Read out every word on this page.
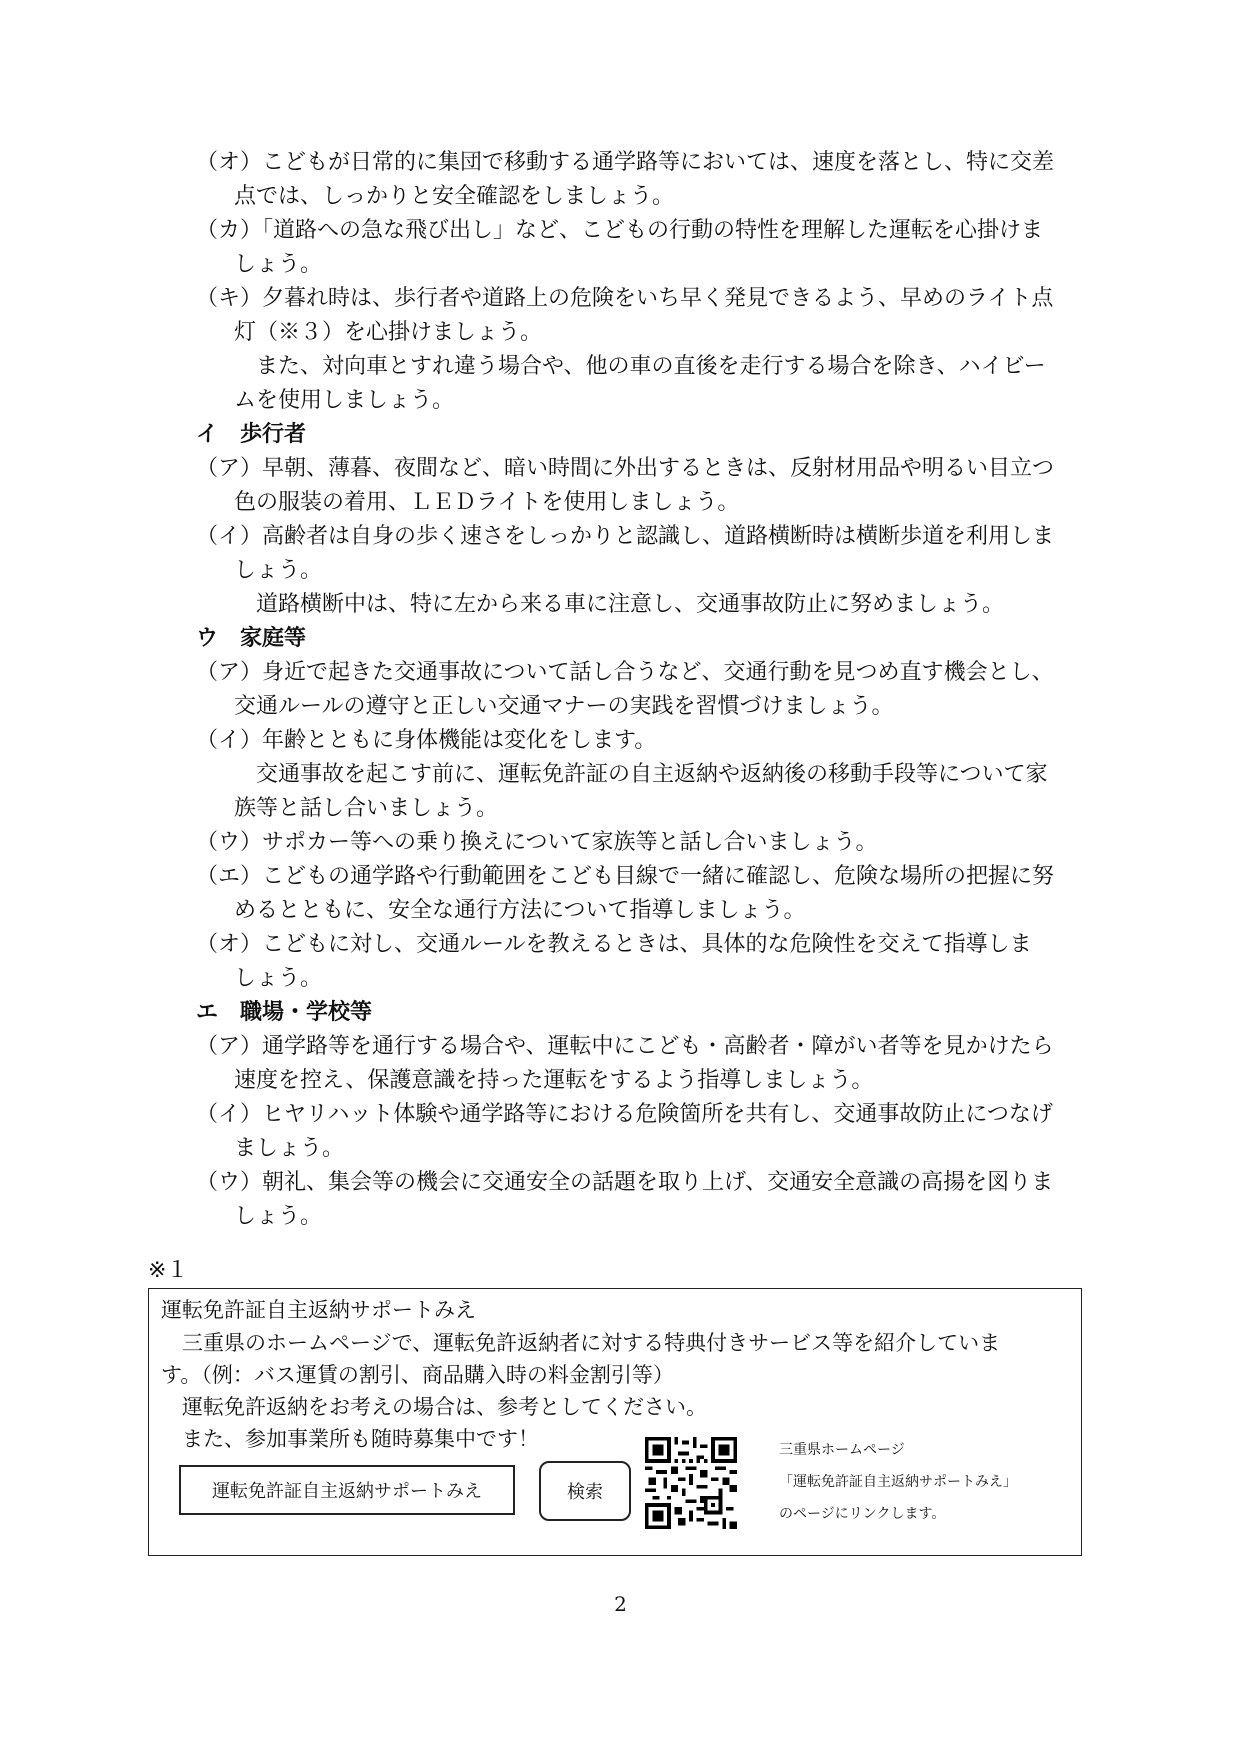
（オ）こどもが日常的に集団で移動する通学路等においては、速度を落とし、特に交差
点では、しっかりと安全確認をしましょう。
（カ）「道路への急な飛び出し」など、こどもの行動の特性を理解した運転を心掛けま
しょう。
（キ）夕暮れ時は、歩行者や道路上の危険をいち早く発見できるよう、早めのライト点
灯（※３）を心掛けましょう。
　また、対向車とすれ違う場合や、他の車の直後を走行する場合を除き、ハイビー
ムを使用しましょう。
イ　歩行者
（ア）早朝、薄暮、夜間など、暗い時間に外出するときは、反射材用品や明るい目立つ
色の服装の着用、ＬＥＤライトを使用しましょう。
（イ）高齢者は自身の歩く速さをしっかりと認識し、道路横断時は横断歩道を利用しま
しょう。
　道路横断中は、特に左から来る車に注意し、交通事故防止に努めましょう。
ウ　家庭等
（ア）身近で起きた交通事故について話し合うなど、交通行動を見つめ直す機会とし、
交通ルールの遵守と正しい交通マナーの実践を習慣づけましょう。
（イ）年齢とともに身体機能は変化をします。
　交通事故を起こす前に、運転免許証の自主返納や返納後の移動手段等について家
族等と話し合いましょう。
（ウ）サポカー等への乗り換えについて家族等と話し合いましょう。
（エ）こどもの通学路や行動範囲をこども目線で一緒に確認し、危険な場所の把握に努
めるとともに、安全な通行方法について指導しましょう。
（オ）こどもに対し、交通ルールを教えるときは、具体的な危険性を交えて指導しま
しょう。
エ　職場・学校等
（ア）通学路等を通行する場合や、運転中にこども・高齢者・障がい者等を見かけたら
速度を控え、保護意識を持った運転をするよう指導しましょう。
（イ）ヒヤリハット体験や通学路等における危険箇所を共有し、交通事故防止につなげ
ましょう。
（ウ）朝礼、集会等の機会に交通安全の話題を取り上げ、交通安全意識の高揚を図りま
しょう。
※１
運転免許証自主返納サポートみえ
　三重県のホームページで、運転免許返納者に対する特典付きサービス等を紹介していま
す。（例：バス運賃の割引、商品購入時の料金割引等）
　運転免許返納をお考えの場合は、参考としてください。
　また、参加事業所も随時募集中です！
運転免許証自主返納サポートみえ	検索
三重県ホームページ
「運転免許証自主返納サポートみえ」
のページにリンクします。
2
